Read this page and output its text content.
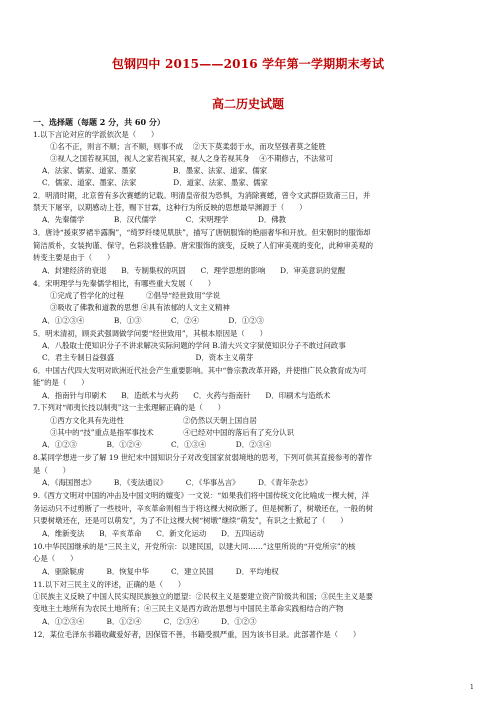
包钢四中 2015——2016 学年第一学期期末考试
高二历史试题
一、选择题（每题 2 分，共 60 分）
1.以下言论对应的学派依次是（　　）
①名不正，则言不顺；言不顺，则事不成　 ②天下莫柔弱于水，而攻坚强者莫之能胜
③视人之国若视其国，视人之家若视其家，视人之身若视其身　 ④不期修古，不法常可
A．法家、儒家、道家、墨家　　　　　B．墨家、法家、道家、儒家
C．儒家、道家、墨家、法家　　　　　D．道家、法家、墨家、儒家
2．明清时期，北京曾有多次赛蟋的记载。明清皇帝很为恐惧，为消除赛蟋，曾令文武群臣致斋三日，并
禁天下屠宰，以期感动上苍，赐下甘霖，这种行为所反映的思想最早渊源于（　　）
A．先秦儒学　　　　B．汉代儒学　　　　C．宋明理学　　　　D．佛教
3．唐诗“援束罗裙半露胸”，“绮罗纤缕见肌肤”，描写了唐朝服饰的艳丽奢华和开放。但宋朝时的服饰却
简洁质朴，女装拘谨、保守，色彩淡雅恬静。唐宋服饰的演变，反映了人们审美观的变化，此种审美观的
转变主要是由于（　　）
A．封建经济的衰退　　B．专制集权的巩固　　C．理学思想的影响　　D．审美意识的觉醒
4．宋明理学与先秦儒学相比，有哪些重大发展（　　）
①完成了哲学化的过程　　　②倡导“经世致用”学说
③吸收了佛教和道教的思想 ④具有浓郁的人文主义精神
A．①②③④　　　　B．①③　　　　C．②④　　　　D．①②③
5．明末清初，顾炎武强调做学问要“经世致用”，其根本原因是（　　）
A．八股取士使知识分子不讲求解决实际问题的学问 B.清大兴文字狱使知识分子不敢过问政事
C．君主专制日益强盛　　　　　　　　　　　D．资本主义萌芽
6．中国古代四大发明对欧洲近代社会产生重要影响。其中“鲁宗教改革开路，并使推广民众教育成为可
能”的是（　　）
A．指南针与印刷术　　B．造纸术与火药　　C．火药与指南针　　D．印刷术与造纸术
7.下列对“师夷长技以制夷”这一主张理解正确的是（　　）
①西方文化具有先进性　　　　　　　　②仍然以天朝上国自居
③其中的“技”重点是指军事技术　　　　④已经对中国的落后有了充分认识
A．①②③　　　　B．①②④　　　　C．①③④　　　　D．②③④
8.某同学想进一步了解 19 世纪末中国知识分子对改变国家贫弱境地的思考，下列可供其直接参考的著作
是（　　）
A．《海国图志》　　　B．《变法通议》　　　C．《华事丛言》　　　D．《青年杂志》
9.《西方文明对中国的冲击及中国文明的嬗变》一文说：“如果我们将中国传统文化比喻成一棵大树，洋
务运动只不过剪断了一些枝叶，辛亥革命则相当于将这棵大树砍断了。但是树断了，树墩还在，一般的树
只要树墩还在，还是可以萌发”，为了不让这棵大树“树墩”继续“萌发”，有识之士掀起了（　　）
A．维新变法　　B．辛亥革命　　C．新文化运动　　D．五四运动
10.中华民国继承的是“三民主义，开党所宗：以建民国，以建大同……”这里所说的“开党所宗”的核
心是（　　）
A．驱除鞑虏　　　B．恢复中华　　　C．建立民国　　　D．平均地权
11.以下对三民主义的评述，正确的是（　　）
①民族主义反映了中国人民实现民族独立的愿望：②民权主义是要建立资产阶级共和国；③民生主义是要
变地主土地所有为农民土地所有；④三民主义是西方政治思想与中国民主革命实践相结合的产物
A．①②③④　　　B．①②④　　　C．②③④　　　D．①②③
12．某位毛泽东书籍收藏爱好者，因保管不善，书籍受损严重，因为该书目录。此部著作是（　　）
1
